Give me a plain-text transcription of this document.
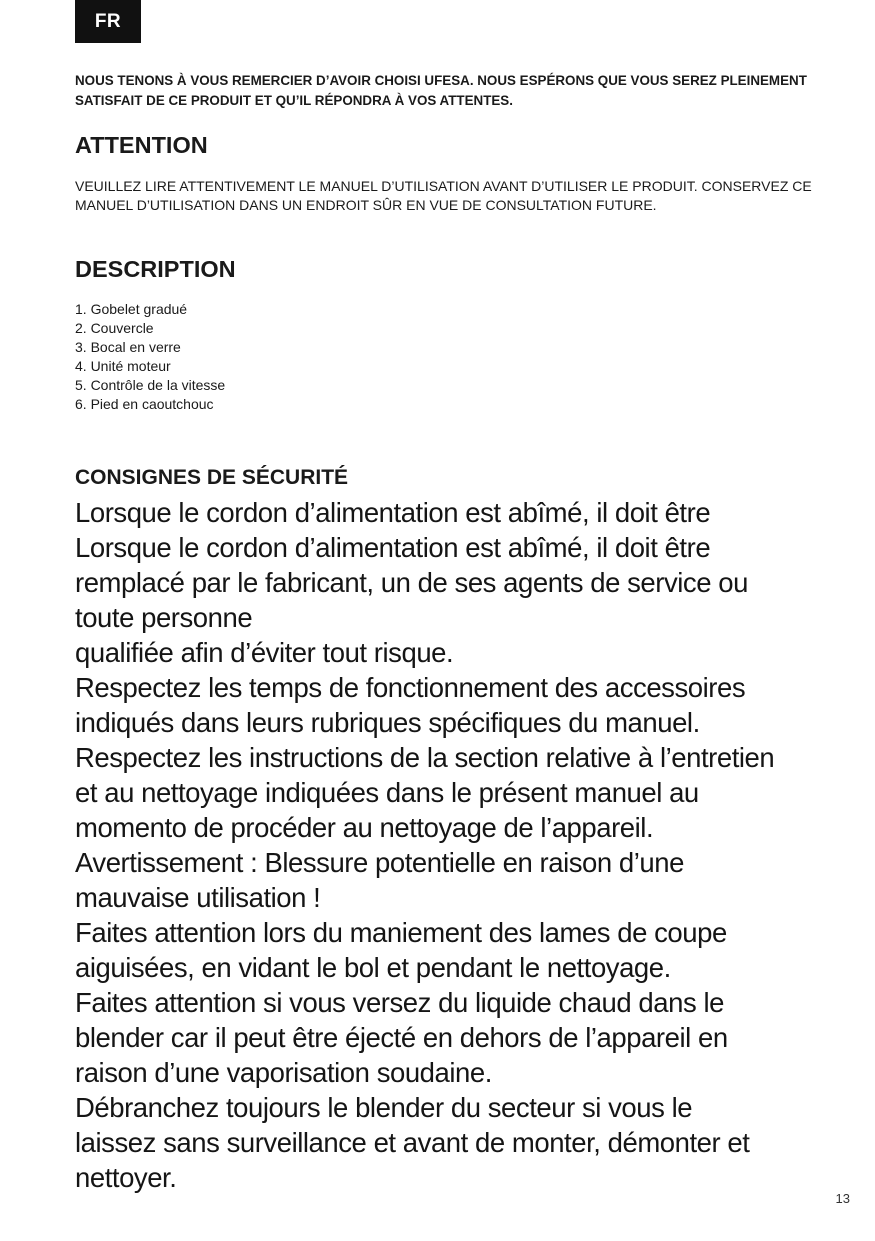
FR

NOUS TENONS À VOUS REMERCIER D’AVOIR CHOISI UFESA. NOUS ESPÉRONS QUE VOUS SEREZ PLEINEMENT SATISFAIT DE CE PRODUIT ET QU’IL RÉPONDRA À VOS ATTENTES.

ATTENTION

VEUILLEZ LIRE ATTENTIVEMENT LE MANUEL D’UTILISATION AVANT D’UTILISER LE PRODUIT. CONSERVEZ CE MANUEL D’UTILISATION DANS UN ENDROIT SÛR EN VUE DE CONSULTATION FUTURE.

DESCRIPTION
1. Gobelet gradué
2. Couvercle
3. Bocal en verre
4. Unité moteur
5. Contrôle de la vitesse
6. Pied en caoutchouc
CONSIGNES DE SÉCURITÉ
Lorsque le cordon d’alimentation est abîmé, il doit être
Lorsque le cordon d’alimentation est abîmé, il doit être
remplacé par le fabricant, un de ses agents de service ou
toute personne
qualifiée afin d’éviter tout risque.
Respectez les temps de fonctionnement des accessoires
indiqués dans leurs rubriques spécifiques du manuel.
Respectez les instructions de la section relative à l’entretien
et au nettoyage indiquées dans le présent manuel au
momento de procéder au nettoyage de l’appareil.
Avertissement : Blessure potentielle en raison d’une
mauvaise utilisation !
Faites attention lors du maniement des lames de coupe
aiguisées, en vidant le bol et pendant le nettoyage.
Faites attention si vous versez du liquide chaud dans le
blender car il peut être éjecté en dehors de l’appareil en
raison d’une vaporisation soudaine.
Débranchez toujours le blender du secteur si vous le
laissez sans surveillance et avant de monter, démonter et
nettoyer.
13
